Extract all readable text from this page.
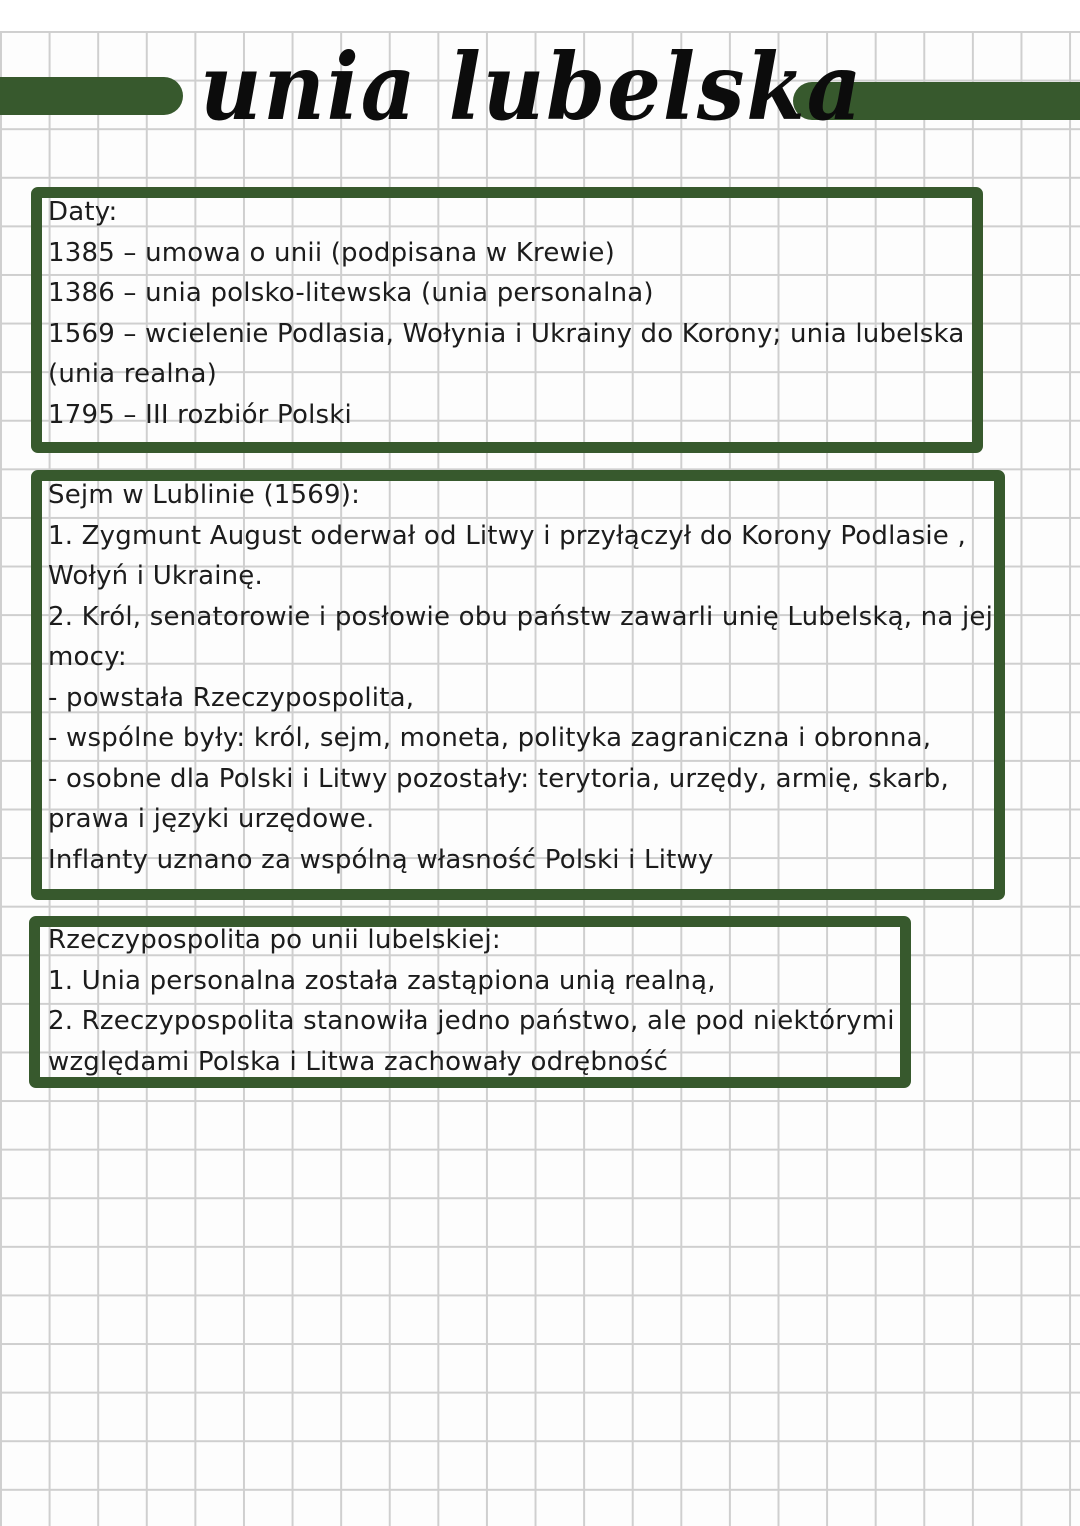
unia lubelska
Daty:
1385 – umowa o unii (podpisana w Krewie)
1386 – unia polsko-litewska (unia personalna)
1569 – wcielenie Podlasia, Wołynia i Ukrainy do Korony; unia lubelska
(unia realna)
1795 – III rozbiór Polski
Sejm w Lublinie (1569):
1. Zygmunt August oderwał od Litwy i przyłączył do Korony Podlasie ,
Wołyń i Ukrainę.
2. Król, senatorowie i posłowie obu państw zawarli unię Lubelską, na jej
mocy:
- powstała Rzeczypospolita,
- wspólne były: król, sejm, moneta, polityka zagraniczna i obronna,
- osobne dla Polski i Litwy pozostały: terytoria, urzędy, armię, skarb,
prawa i języki urzędowe.
Inflanty uznano za wspólną własność Polski i Litwy
Rzeczypospolita po unii lubelskiej:
1. Unia personalna została zastąpiona unią realną,
2. Rzeczypospolita stanowiła jedno państwo, ale pod niektórymi
względami Polska i Litwa zachowały odrębność
